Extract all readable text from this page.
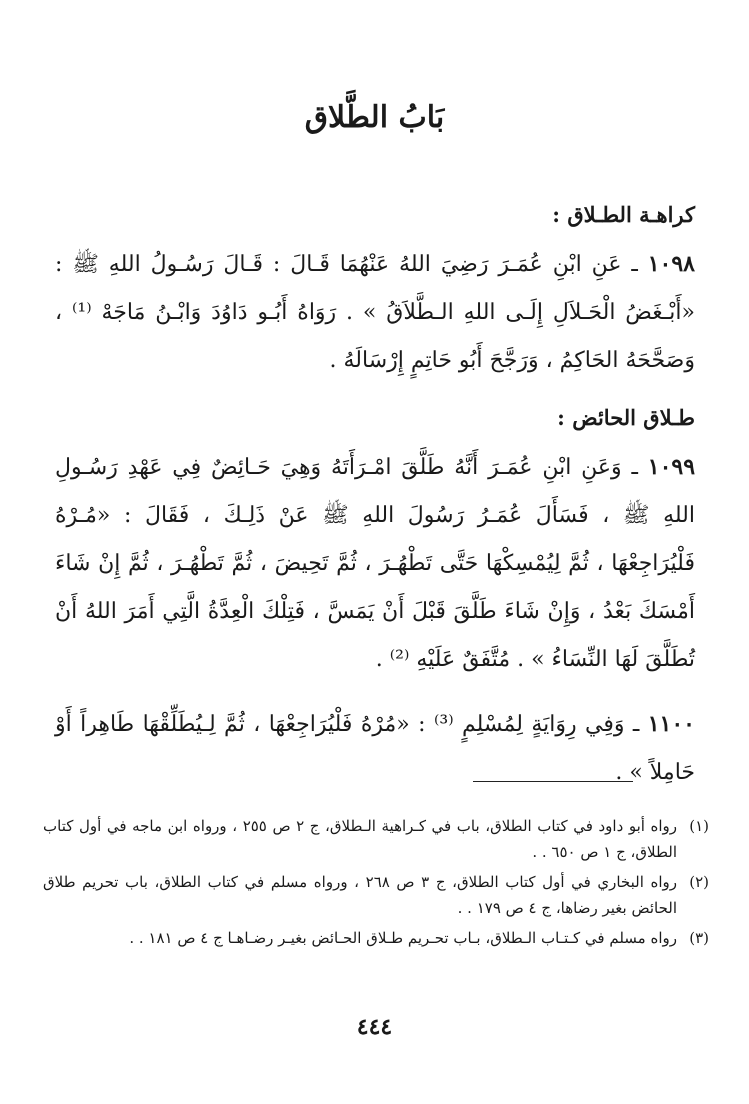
بَابُ الطَّلاق
كراهـة الطـلاق :

١٠٩٨ ـ عَنِ ابْنِ عُمَـرَ رَضِيَ اللهُ عَنْهُمَا قَـالَ : قَـالَ رَسُـولُ اللهِ ﷺ : «أَبْـغَضُ الْحَـلاَلِ إِلَـى اللهِ الـطَّلاَقُ » . رَوَاهُ أَبُـو دَاوُدَ وَابْـنُ مَاجَهْ ⁽¹⁾ ، وَصَحَّحَهُ الحَاكِمُ ، وَرَجَّحَ أَبُو حَاتِمٍ إِرْسَالَهُ .

طـلاق الحائض :

١٠٩٩ ـ وَعَنِ ابْنِ عُمَـرَ أَنَّهُ طَلَّقَ امْـرَأَتَهُ وَهِيَ حَـائِضٌ فِي عَهْدِ رَسُـولِ اللهِ ﷺ ، فَسَأَلَ عُمَـرُ رَسُولَ اللهِ ﷺ عَنْ ذَلِـكَ ، فَقَالَ : «مُـرْهُ فَلْيُرَاجِعْهَا ، ثُمَّ لِيُمْسِكْهَا حَتَّى تَطْهُـرَ ، ثُمَّ تَحِيضَ ، ثُمَّ تَطْهُـرَ ، ثُمَّ إِنْ شَاءَ أَمْسَكَ بَعْدُ ، وَإِنْ شَاءَ طَلَّقَ قَبْلَ أَنْ يَمَسَّ ، فَتِلْكَ الْعِدَّةُ الَّتِي أَمَرَ اللهُ أَنْ تُطَلَّقَ لَهَا النِّسَاءُ » . مُتَّفَقٌ عَلَيْهِ ⁽²⁾ .

١١٠٠ ـ وَفِي رِوَايَةٍ لِمُسْلِمٍ ⁽³⁾ : «مُرْهُ فَلْيُرَاجِعْهَا ، ثُمَّ لِـيُطَلِّقْهَا طَاهِراً أَوْ حَامِلاً » .

(١)
رواه أبو داود في كتاب الطلاق، باب في كـراهية الـطلاق، ج ٢ ص ٢٥٥ ، ورواه ابن ماجه في أول كتاب الطلاق، ج ١ ص ٦٥٠ . .
(٢)
رواه البخاري في أول كتاب الطلاق، ج ٣ ص ٢٦٨ ، ورواه مسلم في كتاب الطلاق، باب تحريم طلاق الحائض بغير رضاها، ج ٤ ص ١٧٩ . .
(٣)
رواه مسلم في كـتـاب الـطلاق، بـاب تحـريم طـلاق الحـائض بغيـر رضـاهـا ج ٤ ص ١٨١ . .
٤٤٤
